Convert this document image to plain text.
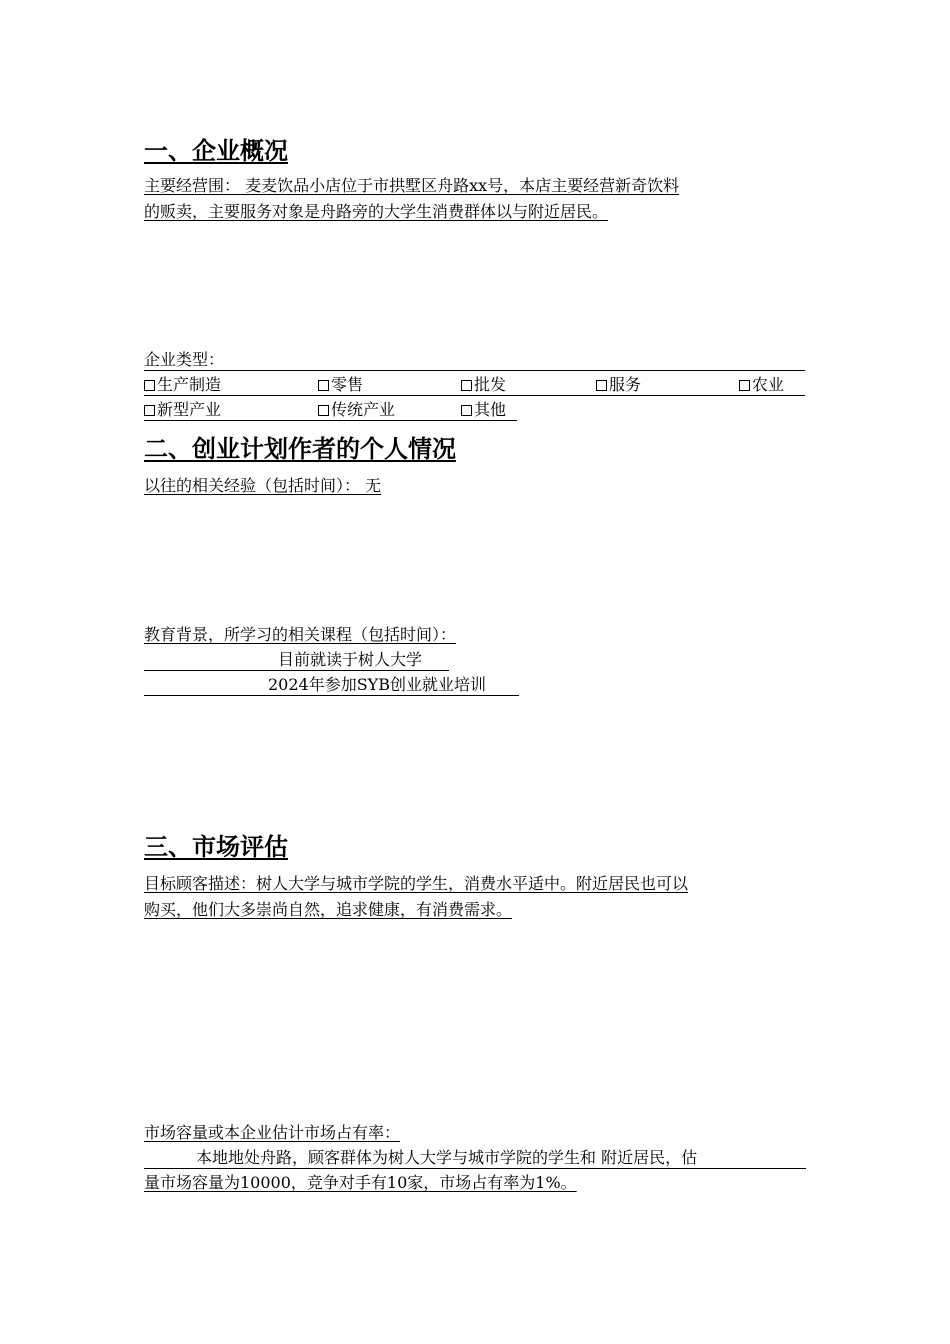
一、企业概况
主要经营围： 麦麦饮品小店位于市拱墅区舟路xx号，本店主要经营新奇饮料
的贩卖，主要服务对象是舟路旁的大学生消费群体以与附近居民。
企业类型：
生产制造	零售	批发	服务	农业
新型产业	传统产业	其他
二、创业计划作者的个人情况
以往的相关经验（包括时间）： 无
教育背景，所学习的相关课程（包括时间）：
目前就读于树人大学
2024年参加SYB创业就业培训
三、市场评估
目标顾客描述：树人大学与城市学院的学生，消费水平适中。附近居民也可以
购买，他们大多崇尚自然，追求健康，有消费需求。
市场容量或本企业估计市场占有率：
本地地处舟路，顾客群体为树人大学与城市学院的学生和 附近居民，估
量市场容量为10000，竞争对手有10家，市场占有率为1%。
